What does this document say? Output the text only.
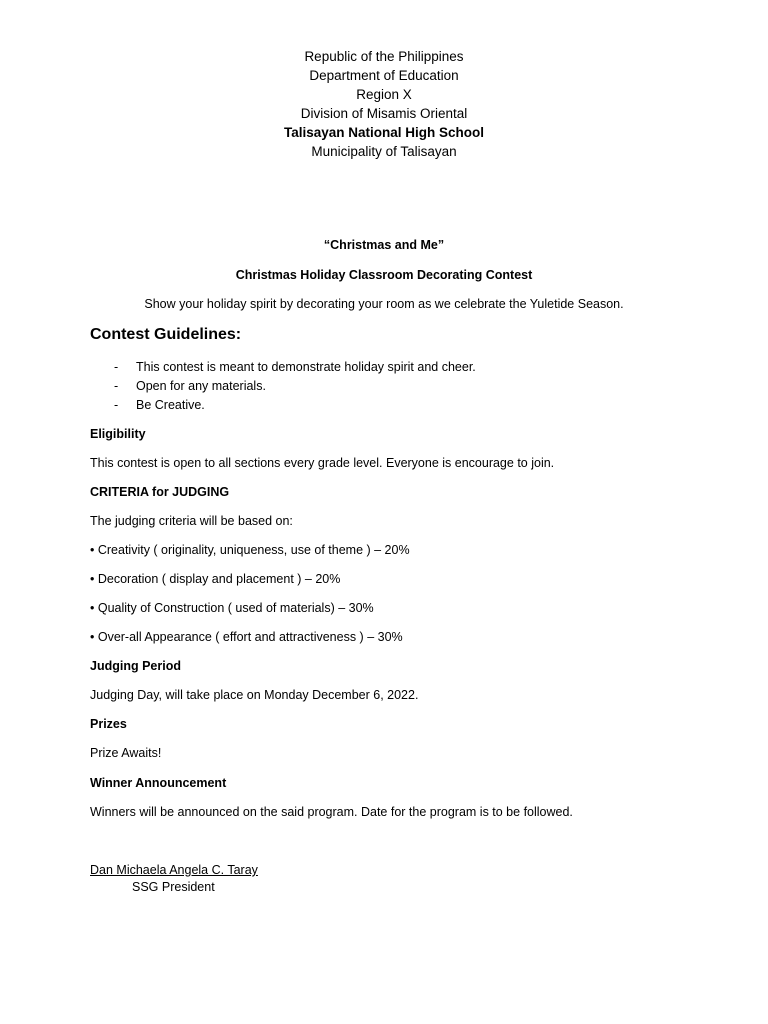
Republic of the Philippines
Department of Education
Region X
Division of Misamis Oriental
Talisayan National High School
Municipality of Talisayan
“Christmas and Me”
Christmas Holiday Classroom Decorating Contest
Show your holiday spirit by decorating your room as we celebrate the Yuletide Season.
Contest Guidelines:
- This contest is meant to demonstrate holiday spirit and cheer.
- Open for any materials.
- Be Creative.
Eligibility
This contest is open to all sections every grade level. Everyone is encourage to join.
CRITERIA for JUDGING
The judging criteria will be based on:
• Creativity ( originality, uniqueness, use of theme ) – 20%
• Decoration ( display and placement ) – 20%
• Quality of Construction ( used of materials) – 30%
• Over-all Appearance ( effort and attractiveness ) – 30%
Judging Period
Judging Day, will take place on Monday December 6, 2022.
Prizes
Prize Awaits!
Winner Announcement
Winners will be announced on the said program. Date for the program is to be followed.
Dan Michaela Angela C. Taray
SSG President
